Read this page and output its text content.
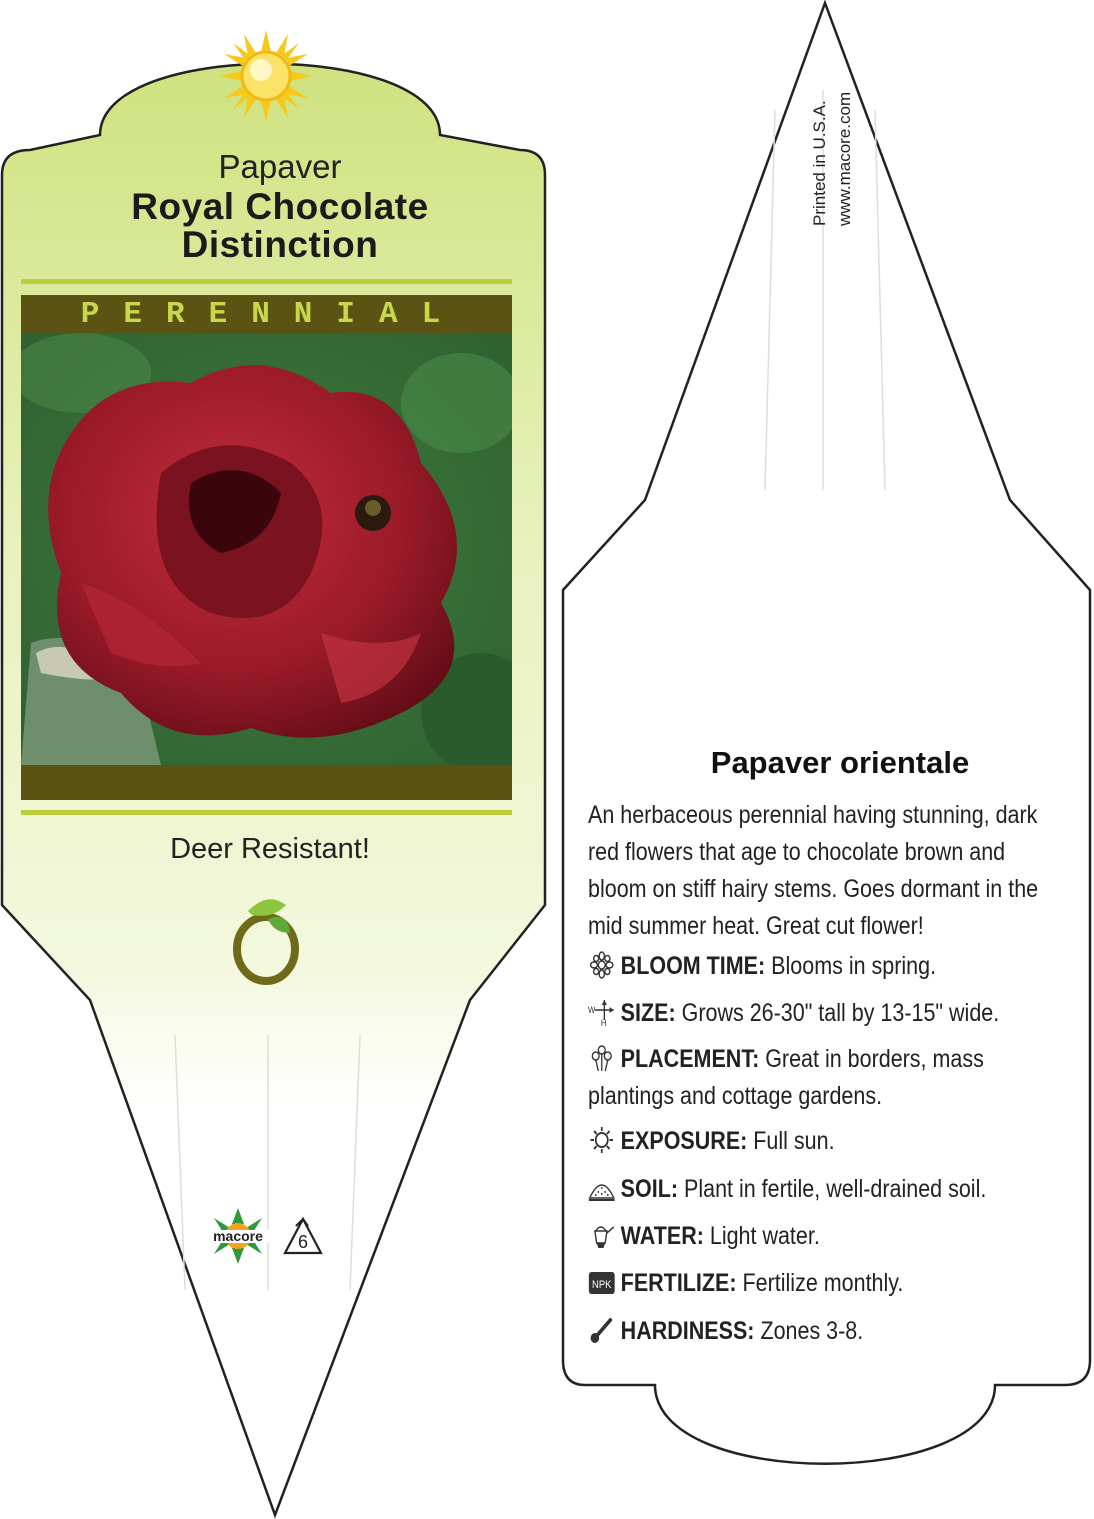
Papaver
Royal Chocolate
Distinction
PERENNIAL
Deer Resistant!
macore 6
Printed in U.S.A. www.macore.com
Papaver orientale
An herbaceous perennial having stunning, dark red flowers that age to chocolate brown and bloom on stiff hairy stems. Goes dormant in the mid summer heat. Great cut flower!
BLOOM TIME: Blooms in spring.
W
H SIZE: Grows 26-30" tall by 13-15" wide.
PLACEMENT: Great in borders, mass plantings and cottage gardens.
EXPOSURE: Full sun.
SOIL: Plant in fertile, well-drained soil.
WATER: Light water.
NPK FERTILIZE: Fertilize monthly.
HARDINESS: Zones 3-8.
